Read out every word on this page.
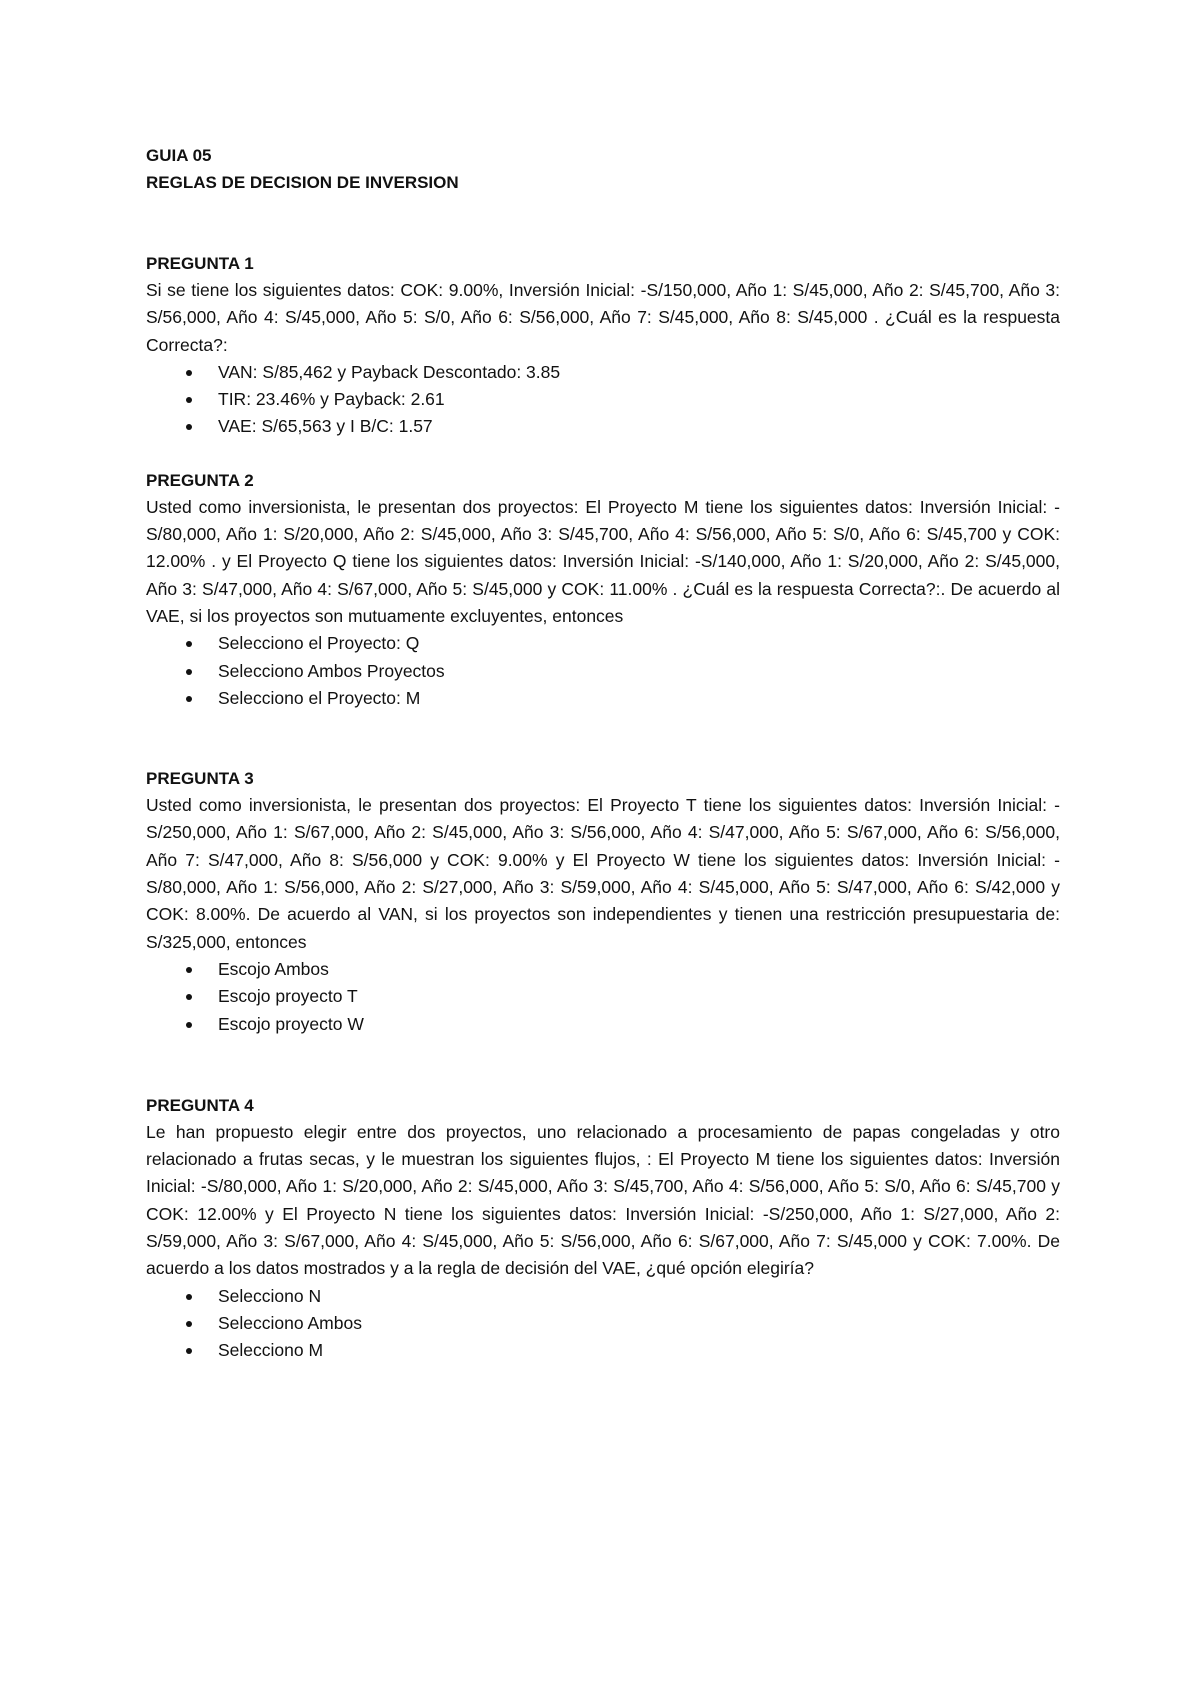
GUIA 05
REGLAS DE DECISION DE INVERSION
PREGUNTA 1
Si se tiene los siguientes datos: COK: 9.00%, Inversión Inicial: -S/150,000, Año 1: S/45,000, Año 2: S/45,700, Año 3: S/56,000, Año 4: S/45,000, Año 5: S/0, Año 6: S/56,000, Año 7: S/45,000, Año 8: S/45,000 . ¿Cuál es la respuesta Correcta?:
VAN: S/85,462 y Payback Descontado: 3.85
TIR: 23.46% y Payback: 2.61
VAE: S/65,563 y I B/C: 1.57
PREGUNTA 2
Usted como inversionista, le presentan dos proyectos: El Proyecto M tiene los siguientes datos: Inversión Inicial: -S/80,000, Año 1: S/20,000, Año 2: S/45,000, Año 3: S/45,700, Año 4: S/56,000, Año 5: S/0, Año 6: S/45,700 y COK: 12.00% . y El Proyecto Q tiene los siguientes datos: Inversión Inicial: -S/140,000, Año 1: S/20,000, Año 2: S/45,000, Año 3: S/47,000, Año 4: S/67,000, Año 5: S/45,000 y COK: 11.00% . ¿Cuál es la respuesta Correcta?:. De acuerdo al VAE, si los proyectos son mutuamente excluyentes, entonces
Selecciono el Proyecto: Q
Selecciono Ambos Proyectos
Selecciono el Proyecto: M
PREGUNTA 3
Usted como inversionista, le presentan dos proyectos: El Proyecto T tiene los siguientes datos: Inversión Inicial: -S/250,000, Año 1: S/67,000, Año 2: S/45,000, Año 3: S/56,000, Año 4: S/47,000, Año 5: S/67,000, Año 6: S/56,000, Año 7: S/47,000, Año 8: S/56,000 y COK: 9.00% y El Proyecto W tiene los siguientes datos: Inversión Inicial: -S/80,000, Año 1: S/56,000, Año 2: S/27,000, Año 3: S/59,000, Año 4: S/45,000, Año 5: S/47,000, Año 6: S/42,000 y COK: 8.00%. De acuerdo al VAN, si los proyectos son independientes y tienen una restricción presupuestaria de: S/325,000, entonces
Escojo Ambos
Escojo proyecto T
Escojo proyecto W
PREGUNTA 4
Le han propuesto elegir entre dos proyectos, uno relacionado a procesamiento de papas congeladas y otro relacionado a frutas secas, y le muestran los siguientes flujos, : El Proyecto M tiene los siguientes datos: Inversión Inicial: -S/80,000, Año 1: S/20,000, Año 2: S/45,000, Año 3: S/45,700, Año 4: S/56,000, Año 5: S/0, Año 6: S/45,700 y COK: 12.00% y El Proyecto N tiene los siguientes datos: Inversión Inicial: -S/250,000, Año 1: S/27,000, Año 2: S/59,000, Año 3: S/67,000, Año 4: S/45,000, Año 5: S/56,000, Año 6: S/67,000, Año 7: S/45,000 y COK: 7.00%. De acuerdo a los datos mostrados y a la regla de decisión del VAE, ¿qué opción elegiría?
Selecciono N
Selecciono Ambos
Selecciono M
